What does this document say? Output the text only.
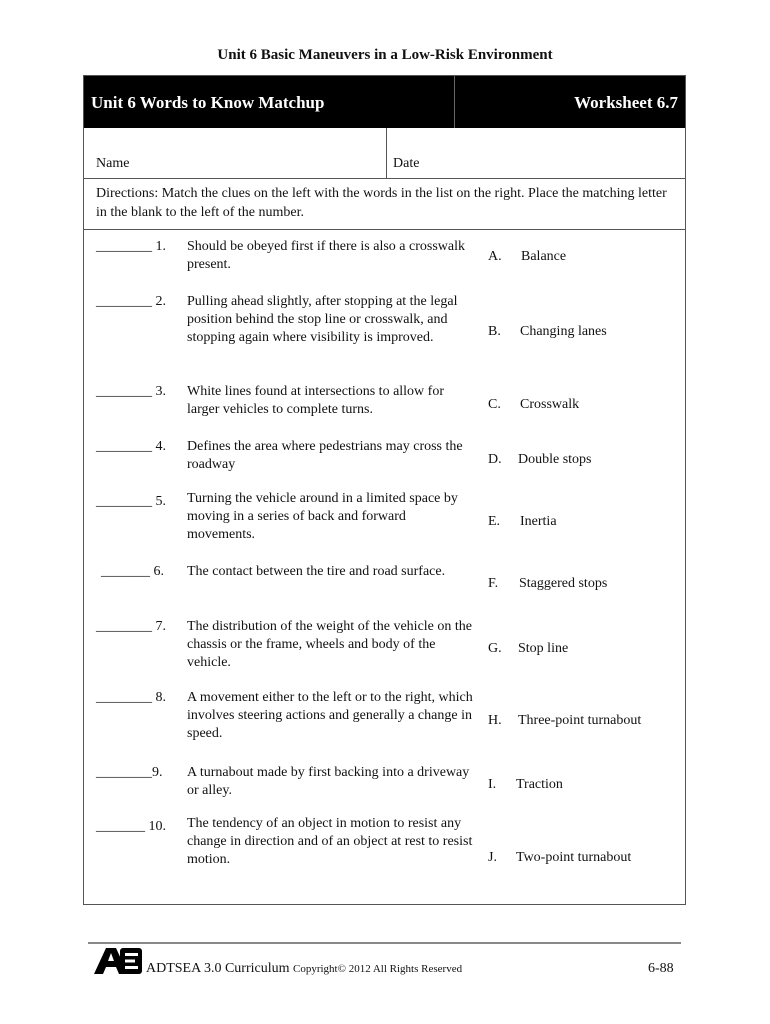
Unit 6 Basic Maneuvers in a Low-Risk Environment
Unit 6 Words to Know Matchup	Worksheet 6.7
Name	Date
Directions: Match the clues on the left with the words in the list on the right. Place the matching letter in the blank to the left of the number.
________ 1. Should be obeyed first if there is also a crosswalk present.
________ 2. Pulling ahead slightly, after stopping at the legal position behind the stop line or crosswalk, and stopping again where visibility is improved.
________ 3. White lines found at intersections to allow for larger vehicles to complete turns.
________ 4. Defines the area where pedestrians may cross the roadway
________ 5. Turning the vehicle around in a limited space by moving in a series of back and forward movements.
_______ 6. The contact between the tire and road surface.
________ 7. The distribution of the weight of the vehicle on the chassis or the frame, wheels and body of the vehicle.
________ 8. A movement either to the left or to the right, which involves steering actions and generally a change in speed.
________9. A turnabout made by first backing into a driveway or alley.
_______ 10. The tendency of an object in motion to resist any change in direction and of an object at rest to resist motion.
A. Balance
B. Changing lanes
C. Crosswalk
D. Double stops
E. Inertia
F. Staggered stops
G. Stop line
H. Three-point turnabout
I. Traction
J. Two-point turnabout
AE
ADTSEA 3.0 Curriculum Copyright© 2012 All Rights Reserved	6-88
